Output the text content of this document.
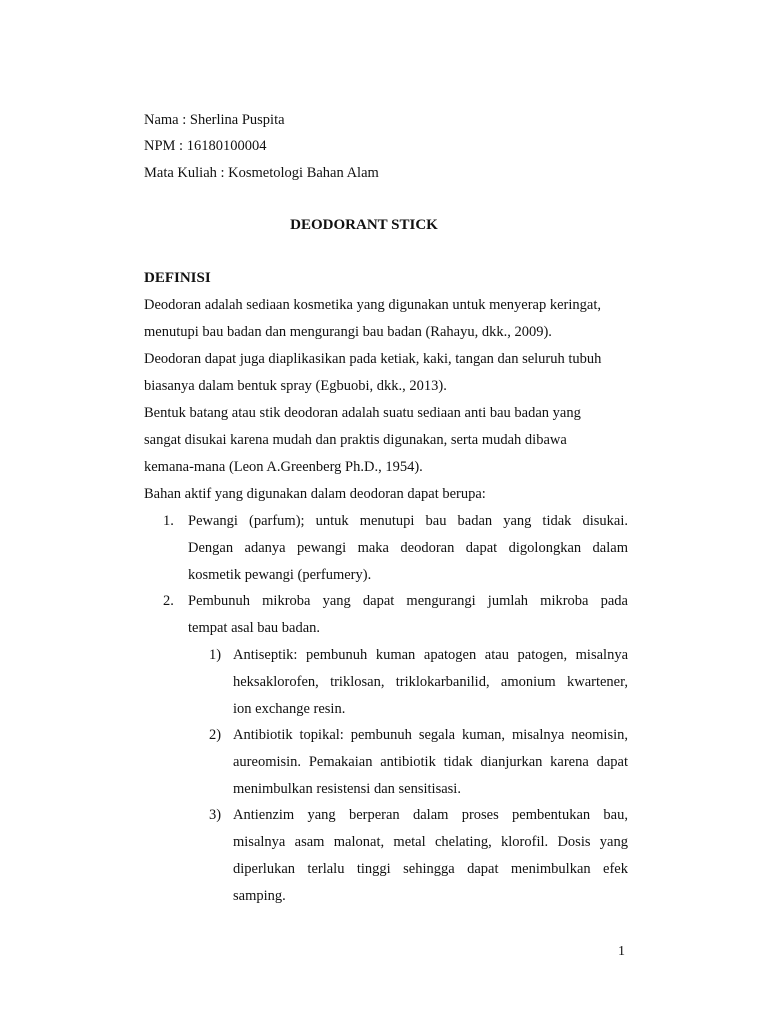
Nama : Sherlina Puspita
NPM : 16180100004
Mata Kuliah : Kosmetologi Bahan Alam
DEODORANT STICK
DEFINISI
Deodoran adalah sediaan kosmetika yang digunakan untuk menyerap keringat,
menutupi bau badan dan mengurangi bau badan (Rahayu, dkk., 2009).
Deodoran dapat juga diaplikasikan pada ketiak, kaki, tangan dan seluruh tubuh
biasanya dalam bentuk spray (Egbuobi, dkk., 2013).
Bentuk batang atau stik deodoran adalah suatu sediaan anti bau badan yang
sangat disukai karena mudah dan praktis digunakan, serta mudah dibawa
kemana-mana (Leon A.Greenberg Ph.D., 1954).
Bahan aktif yang digunakan dalam deodoran dapat berupa:
1. Pewangi (parfum); untuk menutupi bau badan yang tidak disukai.
Dengan adanya pewangi maka deodoran dapat digolongkan dalam
kosmetik pewangi (perfumery).
2. Pembunuh mikroba yang dapat mengurangi jumlah mikroba pada
tempat asal bau badan.
1) Antiseptik: pembunuh kuman apatogen atau patogen, misalnya
heksaklorofen, triklosan, triklokarbanilid, amonium kwartener,
ion exchange resin.
2) Antibiotik topikal: pembunuh segala kuman, misalnya neomisin,
aureomisin. Pemakaian antibiotik tidak dianjurkan karena dapat
menimbulkan resistensi dan sensitisasi.
3) Antienzim yang berperan dalam proses pembentukan bau,
misalnya asam malonat, metal chelating, klorofil. Dosis yang
diperlukan terlalu tinggi sehingga dapat menimbulkan efek
samping.
1
